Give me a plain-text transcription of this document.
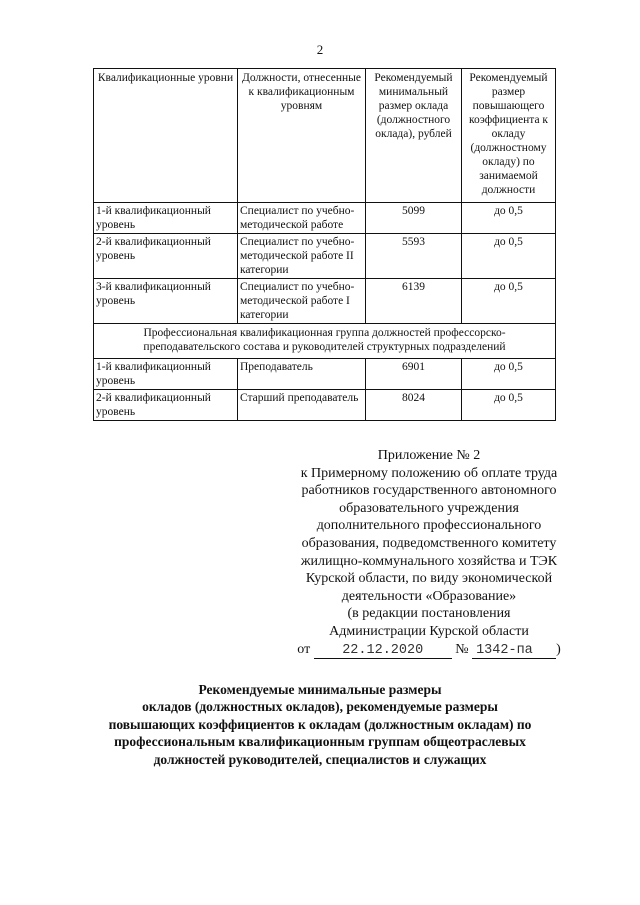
2
Квалификационные уровни	Должности, отнесенные к квалификационным уровням	Рекомендуемый минимальный размер оклада (должностного оклада), рублей	Рекомендуемый размер повышающего коэффициента к окладу (должностному окладу) по занимаемой должности
1-й квалификационный уровень	Специалист по учебно-методической работе	5099	до 0,5
2-й квалификационный уровень	Специалист по учебно-методической работе II категории	5593	до 0,5
3-й квалификационный уровень	Специалист по учебно-методической работе I категории	6139	до 0,5
Профессиональная квалификационная группа должностей профессорско-преподавательского состава и руководителей структурных подразделений			
1-й квалификационный уровень	Преподаватель	6901	до 0,5
2-й квалификационный уровень	Старший преподаватель	8024	до 0,5
Приложение № 2
к Примерному положению об оплате труда
работников государственного автономного
образовательного учреждения
дополнительного профессионального
образования, подведомственного комитету
жилищно-коммунального хозяйства и ТЭК
Курской области, по виду экономической
деятельности «Образование»
(в редакции постановления
Администрации Курской области
от 22.12.2020 № 1342-па )
Рекомендуемые минимальные размеры
окладов (должностных окладов), рекомендуемые размеры
повышающих коэффициентов к окладам (должностным окладам) по
профессиональным квалификационным группам общеотраслевых
должностей руководителей, специалистов и служащих
